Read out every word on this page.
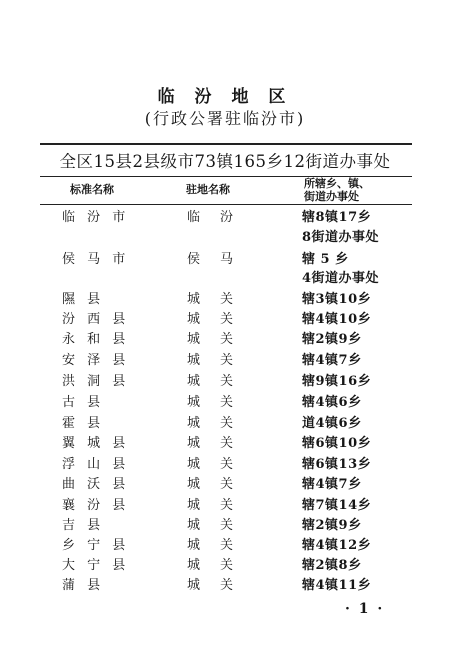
临 汾 地 区
(行政公署驻临汾市)
全区15县2县级市73镇165乡12街道办事处
标准名称	驻地名称	所辖乡、镇、
街道办事处
临 汾 市	临汾	辖8镇17乡
8街道办事处
侯 马 市	侯马	辖 5 乡
4街道办事处
隰 县	城关	辖3镇10乡
汾 西 县	城关	辖4镇10乡
永 和 县	城关	辖2镇9乡
安 泽 县	城关	辖4镇7乡
洪 洞 县	城关	辖9镇16乡
古 县	城关	辖4镇6乡
霍 县	城关	道4镇6乡
翼 城 县	城关	辖6镇10乡
浮 山 县	城关	辖6镇13乡
曲 沃 县	城关	辖4镇7乡
襄 汾 县	城关	辖7镇14乡
吉 县	城关	辖2镇9乡
乡 宁 县	城关	辖4镇12乡
大 宁 县	城关	辖2镇8乡
蒲 县	城关	辖4镇11乡
· 1 ·
